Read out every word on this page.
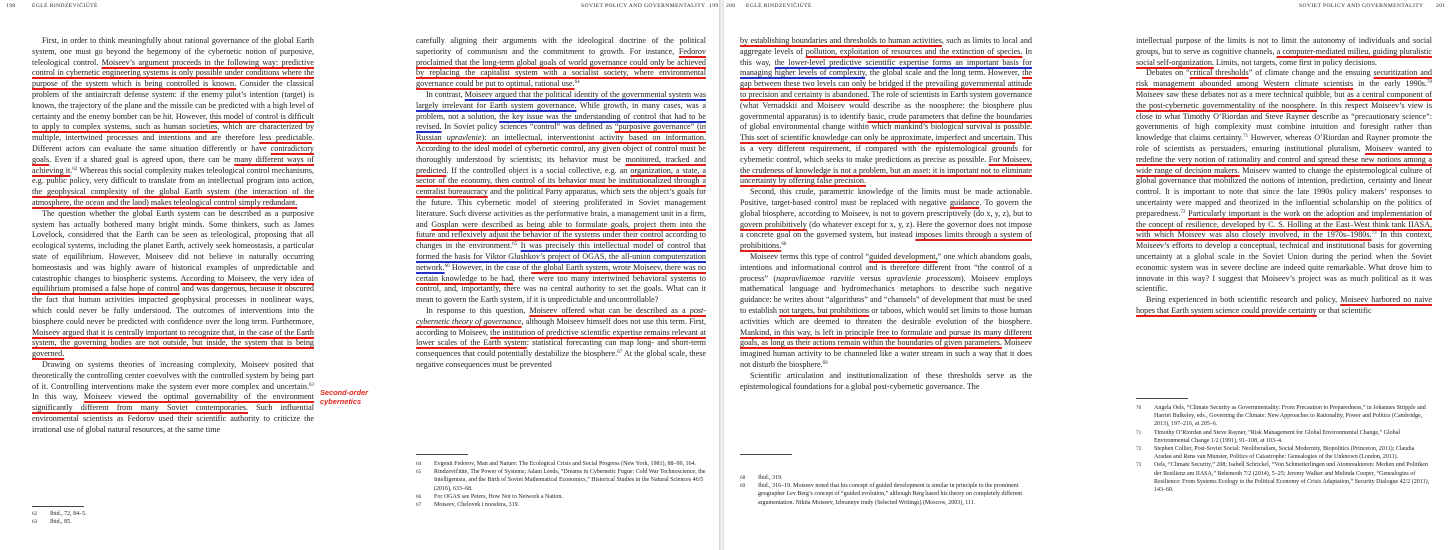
198	EGLĖ RINDZEVIČIŪTĖ	SOVIET POLICY AND GOVERNMENTALITY 199

First, in order to think meaningfully about rational governance of the global Earth system, one must go beyond the hegemony of the cybernetic notion of purposive, teleological control. Moiseev’s argument proceeds in the following way: predictive control in cybernetic engineering systems is only possible under conditions where the purpose of the system which is being controlled is known. Consider the classical problem of the antiaircraft defense system: if the enemy pilot’s intention (target) is known, the trajectory of the plane and the missile can be predicted with a high level of certainty and the enemy bomber can be hit. However, this model of control is difficult to apply to complex systems, such as human societies, which are characterized by multiple, intertwined processes and intentions and are therefore less predictable. Different actors can evaluate the same situation differently or have contradictory goals. Even if a shared goal is agreed upon, there can be many different ways of achieving it.$^{62}$ Whereas this social complexity makes teleological control mechanisms, e.g. public policy, very difficult to translate from an intellectual program into action, the geophysical complexity of the global Earth system (the interaction of the atmosphere, the ocean and the land) makes teleological control simply redundant.

The question whether the global Earth system can be described as a purposive system has actually bothered many bright minds. Some thinkers, such as James Lovelock, considered that the Earth can be seen as teleological, proposing that all ecological systems, including the planet Earth, actively seek homeostasis, a particular state of equilibrium. However, Moiseev did not believe in naturally occurring homeostasis and was highly aware of historical examples of unpredictable and catastrophic changes to biospheric systems. According to Moiseev, the very idea of equilibrium promised a false hope of control and was dangerous, because it obscured the fact that human activities impacted geophysical processes in nonlinear ways, which could never be fully understood. The outcomes of interventions into the biosphere could never be predicted with confidence over the long term. Furthermore, Moiseev argued that it is centrally important to recognize that, in the case of the Earth system, the governing bodies are not outside, but inside, the system that is being governed.

Drawing on systems theories of increasing complexity, Moiseev posited that theoretically the controlling center coevolves with the controlled system by being part of it. Controlling interventions make the system ever more complex and uncertain.$^{63}$ In this way, Moiseev viewed the optimal governability of the environment significantly different from many Soviet contemporaries. Such influential environmental scientists as Fedorov used their scientific authority to criticize the irrational use of global natural resources, at the same time

62	Ibid., 72, 84–5.
63	Ibid., 85.
Second-order
cybernetics

carefully aligning their arguments with the ideological doctrine of the political superiority of communism and the commitment to growth. For instance, Fedorov proclaimed that the long-term global goals of world governance could only be achieved by replacing the capitalist system with a socialist society, where environmental governance could be put to optimal, rational use.$^{64}$

In contrast, Moiseev argued that the political identity of the governmental system was largely irrelevant for Earth system governance. While growth, in many cases, was a problem, not a solution, the key issue was the understanding of control that had to be revised. In Soviet policy sciences “control” was defined as “purposive governance” (in Russian upravlenie): an intellectual, interventionist activity based on information. According to the ideal model of cybernetic control, any given object of control must be thoroughly understood by scientists; its behavior must be monitored, tracked and predicted. If the controlled object is a social collective, e.g. an organization, a state, a sector of the economy, then control of its behavior must be institutionalized through a centralist bureaucracy and the political Party apparatus, which sets the object’s goals for the future. This cybernetic model of steering proliferated in Soviet management literature. Such diverse activities as the performative brain, a management unit in a firm, and Gosplan were described as being able to formulate goals, project them into the future and reflexively adjust the behavior of the systems under their control according to changes in the environment.$^{65}$ It was precisely this intellectual model of control that formed the basis for Viktor Glushkov’s project of OGAS, the all-union computerization network.$^{66}$ However, in the case of the global Earth system, wrote Moiseev, there was no certain knowledge to be had, there were too many intertwined behavioral systems to control, and, importantly, there was no central authority to set the goals. What can it mean to govern the Earth system, if it is unpredictable and uncontrollable?

In response to this question, Moiseev offered what can be described as a post-cybernetic theory of governance, although Moiseev himself does not use this term. First, according to Moiseev, the institution of predictive scientific expertise remains relevant at lower scales of the Earth system: statistical forecasting can map long- and short-term consequences that could potentially destabilize the biosphere.$^{67}$ At the global scale, these negative consequences must be prevented

64	Evgenii Fedorov, Man and Nature: The Ecological Crisis and Social Progress (New York, 1981), 88–99, 164.
65	Rindzevičiūtė, The Power of Systems; Adam Leeds, “Dreams in Cybernetic Fugue: Cold War Technoscience, the Intelligentsia, and the Birth of Soviet Mathematical Economics,” Historical Studies in the Natural Sciences 46/5 (2016), 633–68.
66	For OGAS see Peters, How Not to Network a Nation.
67	Moiseev, Chelovek i noosfera, 319.
200 EGLĖ RINDZEVIČIŪTĖ	SOVIET POLICY AND GOVERNMENTALITY 201

by establishing boundaries and thresholds to human activities, such as limits to local and aggregate levels of pollution, exploitation of resources and the extinction of species. In this way, the lower-level predictive scientific expertise forms an important basis for managing higher levels of complexity, the global scale and the long term. However, the gap between these two levels can only be bridged if the prevailing governmental attitude to precision and certainty is abandoned. The role of scientists in Earth system governance (what Vernadskii and Moiseev would describe as the noosphere: the biosphere plus governmental apparatus) is to identify basic, crude parameters that define the boundaries of global environmental change within which mankind’s biological survival is possible. This sort of scientific knowledge can only be approximate, imperfect and uncertain. This is a very different requirement, if compared with the epistemological grounds for cybernetic control, which seeks to make predictions as precise as possible. For Moiseev, the crudeness of knowledge is not a problem, but an asset: it is important not to eliminate uncertainty by offering false precision.

Second, this crude, parametric knowledge of the limits must be made actionable. Positive, target-based control must be replaced with negative guidance. To govern the global biosphere, according to Moiseev, is not to govern prescriptively (do x, y, z), but to govern prohibitively (do whatever except for x, y, z). Here the governor does not impose a concrete goal on the governed system, but instead imposes limits through a system of prohibitions.$^{68}$

Moiseev terms this type of control “guided development,” one which abandons goals, intentions and informational control and is therefore different from “the control of a process” (napravliaemoe razvitie versus upravlenie processom). Moiseev employs mathematical language and hydromechanics metaphors to describe such negative guidance: he writes about “algorithms” and “channels” of development that must be used to establish not targets, but prohibitions or taboos, which would set limits to those human activities which are deemed to threaten the desirable evolution of the biosphere. Mankind, in this way, is left in principle free to formulate and pursue its many different goals, as long as their actions remain within the boundaries of given parameters. Moiseev imagined human activity to be channeled like a water stream in such a way that it does not disturb the biosphere.$^{69}$

Scientific articulation and institutionalization of these thresholds serve as the epistemological foundations for a global post-cybernetic governance. The

68	Ibid., 319.
69	Ibid., 316–19. Moiseev noted that his concept of guided development is similar in principle to the prominent geographer Lev Berg’s concept of “guided evolution,” although Berg based his theory on completely different argumentation. Nikita Moiseev, Izbrannye trudy (Selected Writings) (Moscow, 2003), 111.

intellectual purpose of the limits is not to limit the autonomy of individuals and social groups, but to serve as cognitive channels, a computer-mediated milieu, guiding pluralistic social self-organization. Limits, not targets, come first in policy decisions.

Debates on “critical thresholds” of climate change and the ensuing securitization and risk management abounded among Western climate scientists in the early 1990s.$^{70}$ Moiseev saw these debates not as a mere technical quibble, but as a central component of the post-cybernetic governmentality of the noosphere. In this respect Moiseev’s view is close to what Timothy O’Riordan and Steve Rayner describe as “precautionary science”: governments of high complexity must combine intuition and foresight rather than knowledge that claims certainty.$^{71}$ However, whereas O’Riordan and Rayner promote the role of scientists as persuaders, ensuring institutional pluralism, Moiseev wanted to redefine the very notion of rationality and control and spread these new notions among a wide range of decision makers. Moiseev wanted to change the epistemological culture of global governance that mobilized the notions of intention, prediction, certainty and linear control. It is important to note that since the late 1990s policy makers’ responses to uncertainty were mapped and theorized in the influential scholarship on the politics of preparedness.$^{72}$ Particularly important is the work on the adoption and implementation of the concept of resilience, developed by C. S. Holling at the East–West think tank IIASA, with which Moiseev was also closely involved, in the 1970s–1980s.$^{73}$ In this context, Moiseev’s efforts to develop a conceptual, technical and institutional basis for governing uncertainty at a global scale in the Soviet Union during the period when the Soviet economic system was in severe decline are indeed quite remarkable. What drove him to innovate in this way? I suggest that Moiseev’s project was as much political as it was scientific.

Being experienced in both scientific research and policy, Moiseev harbored no naive hopes that Earth system science could provide certainty or that scientific

70	Angela Oels, “Climate Security as Governmentality: From Precaution to Preparedness,” in Johannes Stripple and Harriet Bulkeley, eds., Governing the Climate: New Approaches to Rationality, Power and Politics (Cambridge, 2013), 197–216, at 205–6.
71	Timothy O’Riordan and Steve Rayner, “Risk Management for Global Environmental Change,” Global Environmental Change 1/2 (1991), 91–108, at 103–4.
72	Stephen Collier, Post-Soviet Social: Neoliberalism, Social Modernity, Biopolitics (Princeton, 2011); Claudia Aradau and Rens van Munster, Politics of Catastrophe: Genealogies of the Unknown (London, 2011).
73	Oels, “Climate Security,” 208; Isabell Schrickel, “Von Schmetterlingen und Atomreaktoren: Medien und Politiken der Resilienz am IIASA,” Behemoth 7/2 (2014), 5–25; Jeremy Walker and Melinda Cooper, “Genealogies of Resilience: From Systems Ecology to the Political Economy of Crisis Adaptation,” Security Dialogue 42/2 (2011), 143–60.
